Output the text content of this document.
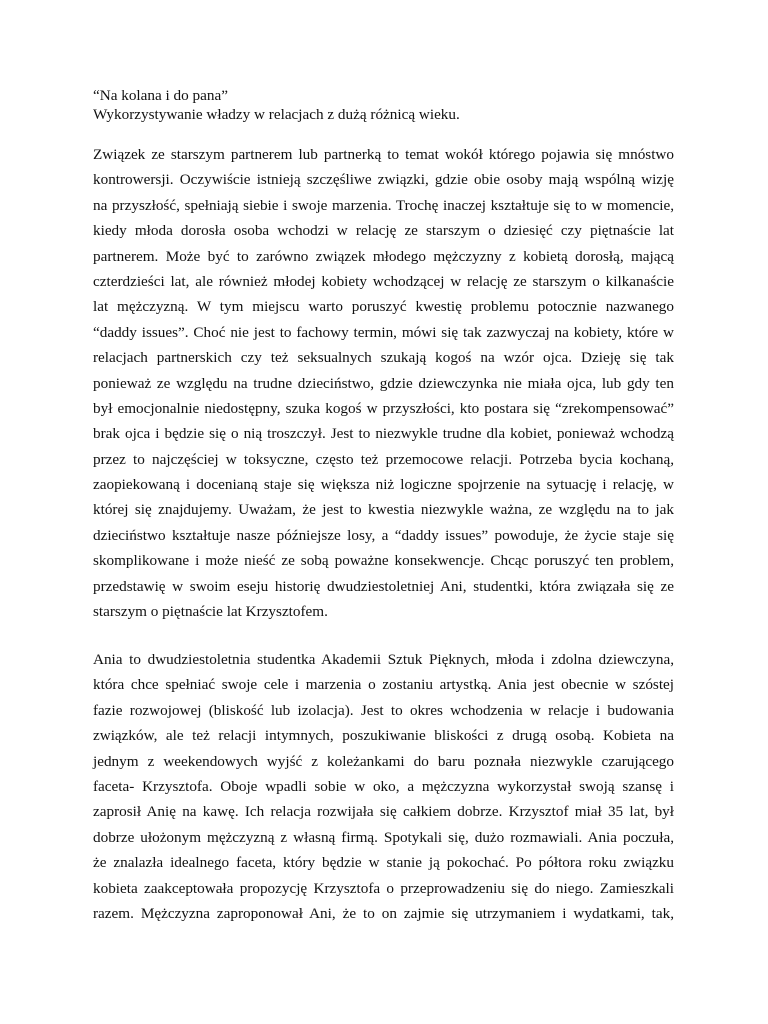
“Na kolana i do pana”
Wykorzystywanie władzy w relacjach z dużą różnicą wieku.
Związek ze starszym partnerem lub partnerką to temat wokół którego pojawia się mnóstwo
kontrowersji. Oczywiście istnieją szczęśliwe związki, gdzie obie osoby mają wspólną wizję
na przyszłość, spełniają siebie i swoje marzenia. Trochę inaczej kształtuje się to w momencie,
kiedy młoda dorosła osoba wchodzi w relację ze starszym o dziesięć czy piętnaście lat
partnerem. Może być to zarówno związek młodego mężczyzny z kobietą dorosłą, mającą
czterdzieści lat, ale również młodej kobiety wchodzącej w relację ze starszym o kilkanaście
lat mężczyzną. W tym miejscu warto poruszyć kwestię problemu potocznie nazwanego
“daddy issues”. Choć nie jest to fachowy termin, mówi się tak zazwyczaj na kobiety, które w
relacjach partnerskich czy też seksualnych szukają kogoś na wzór ojca. Dzieję się tak
ponieważ ze względu na trudne dzieciństwo, gdzie dziewczynka nie miała ojca, lub gdy ten
był emocjonalnie niedostępny, szuka kogoś w przyszłości, kto postara się “zrekompensować”
brak ojca i będzie się o nią troszczył. Jest to niezwykle trudne dla kobiet, ponieważ wchodzą
przez to najczęściej w toksyczne, często też przemocowe relacji. Potrzeba bycia kochaną,
zaopiekowaną i docenianą staje się większa niż logiczne spojrzenie na sytuację i relację, w
której się znajdujemy. Uważam, że jest to kwestia niezwykle ważna, ze względu na to jak
dzieciństwo kształtuje nasze późniejsze losy, a “daddy issues” powoduje, że życie staje się
skomplikowane i może nieść ze sobą poważne konsekwencje. Chcąc poruszyć ten problem,
przedstawię w swoim eseju historię dwudziestoletniej Ani, studentki, która związała się ze
starszym o piętnaście lat Krzysztofem.
Ania to dwudziestoletnia studentka Akademii Sztuk Pięknych, młoda i zdolna dziewczyna,
która chce spełniać swoje cele i marzenia o zostaniu artystką. Ania jest obecnie w szóstej
fazie rozwojowej (bliskość lub izolacja). Jest to okres wchodzenia w relacje i budowania
związków, ale też relacji intymnych, poszukiwanie bliskości z drugą osobą. Kobieta na
jednym z weekendowych wyjść z koleżankami do baru poznała niezwykle czarującego
faceta- Krzysztofa. Oboje wpadli sobie w oko, a mężczyzna wykorzystał swoją szansę i
zaprosił Anię na kawę. Ich relacja rozwijała się całkiem dobrze. Krzysztof miał 35 lat, był
dobrze ułożonym mężczyzną z własną firmą. Spotykali się, dużo rozmawiali. Ania poczuła,
że znalazła idealnego faceta, który będzie w stanie ją pokochać. Po półtora roku związku
kobieta zaakceptowała propozycję Krzysztofa o przeprowadzeniu się do niego. Zamieszkali
razem. Mężczyzna zaproponował Ani, że to on zajmie się utrzymaniem i wydatkami, tak,
